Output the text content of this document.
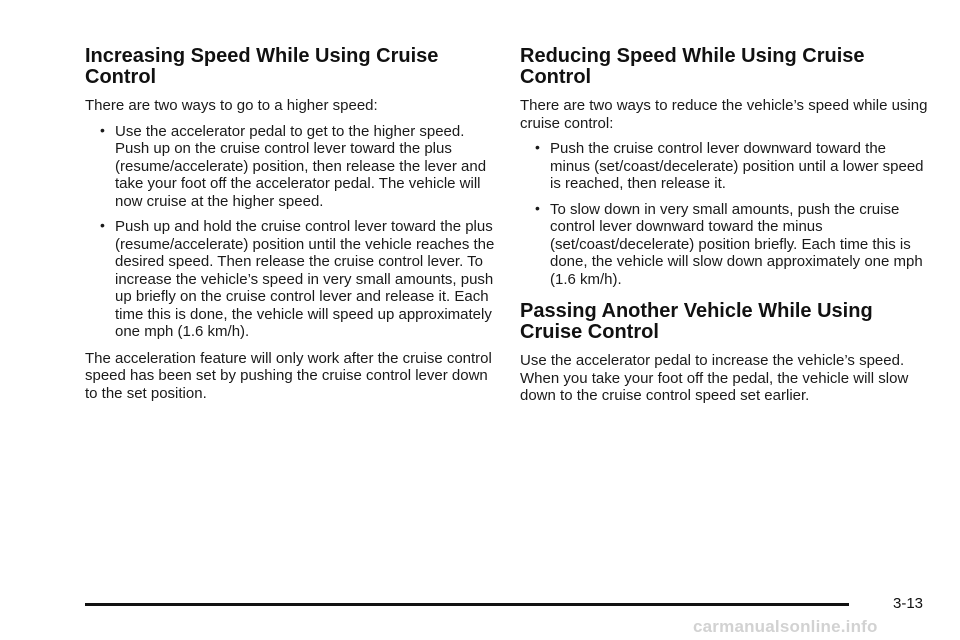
Increasing Speed While Using Cruise Control

There are two ways to go to a higher speed:

• Use the accelerator pedal to get to the higher speed. Push up on the cruise control lever toward the plus (resume/accelerate) position, then release the lever and take your foot off the accelerator pedal. The vehicle will now cruise at the higher speed.
• Push up and hold the cruise control lever toward the plus (resume/accelerate) position until the vehicle reaches the desired speed. Then release the cruise control lever. To increase the vehicle’s speed in very small amounts, push up briefly on the cruise control lever and release it. Each time this is done, the vehicle will speed up approximately one mph (1.6 km/h).

The acceleration feature will only work after the cruise control speed has been set by pushing the cruise control lever down to the set position.

Reducing Speed While Using Cruise Control

There are two ways to reduce the vehicle’s speed while using cruise control:

• Push the cruise control lever downward toward the minus (set/coast/decelerate) position until a lower speed is reached, then release it.
• To slow down in very small amounts, push the cruise control lever downward toward the minus (set/coast/decelerate) position briefly. Each time this is done, the vehicle will slow down approximately one mph (1.6 km/h).
Passing Another Vehicle While Using Cruise Control

Use the accelerator pedal to increase the vehicle’s speed. When you take your foot off the pedal, the vehicle will slow down to the cruise control speed set earlier.

3-13
carmanualsonline.info
